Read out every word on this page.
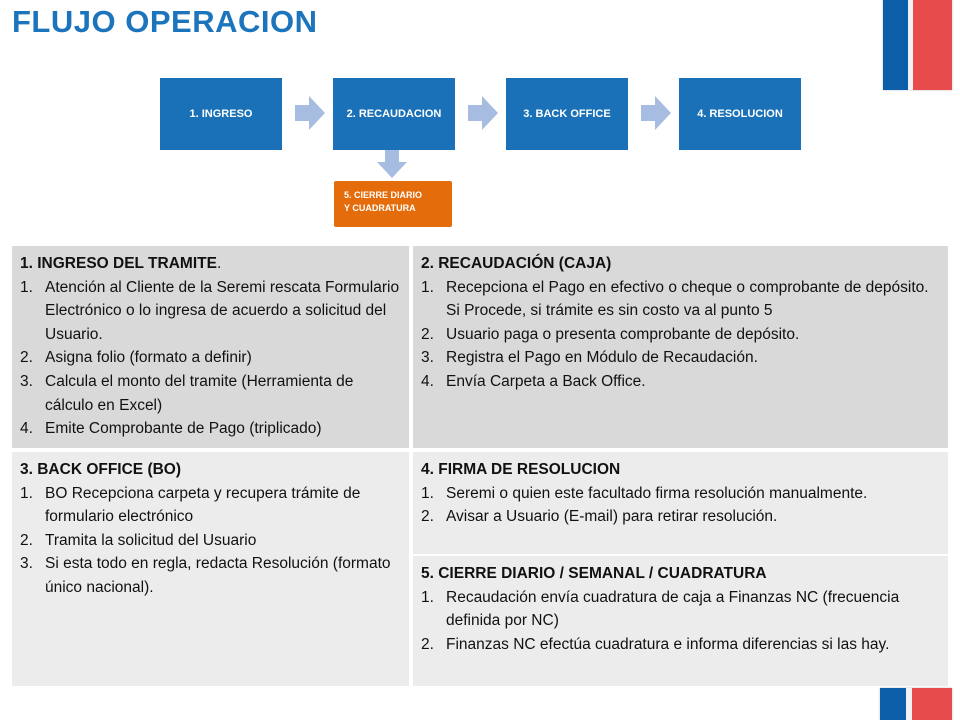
FLUJO OPERACION
1. INGRESO	2. RECAUDACION	3. BACK OFFICE	4. RESOLUCION
5. CIERRE DIARIO
Y CUADRATURA
1. INGRESO DEL TRAMITE.
1. Atención al Cliente de la Seremi rescata Formulario Electrónico o lo ingresa de acuerdo a solicitud del Usuario.
2. Asigna folio (formato a definir)
3. Calcula el monto del tramite (Herramienta de cálculo en Excel)
4. Emite Comprobante de Pago (triplicado)
2. RECAUDACIÓN (CAJA)
1. Recepciona el Pago en efectivo o cheque o comprobante de depósito. Si Procede, si trámite es sin costo va al punto 5
2. Usuario paga o presenta comprobante de depósito.
3. Registra el Pago en Módulo de Recaudación.
4. Envía Carpeta a Back Office.
3. BACK OFFICE (BO)
1. BO Recepciona carpeta y recupera trámite de formulario electrónico
2. Tramita la solicitud del Usuario
3. Si esta todo en regla, redacta Resolución (formato único nacional).
4. FIRMA DE RESOLUCION
1. Seremi o quien este facultado firma resolución manualmente.
2. Avisar a Usuario (E-mail) para retirar resolución.
5. CIERRE DIARIO / SEMANAL / CUADRATURA
1. Recaudación envía cuadratura de caja a Finanzas NC (frecuencia definida por NC)
2. Finanzas NC efectúa cuadratura e informa diferencias si las hay.
